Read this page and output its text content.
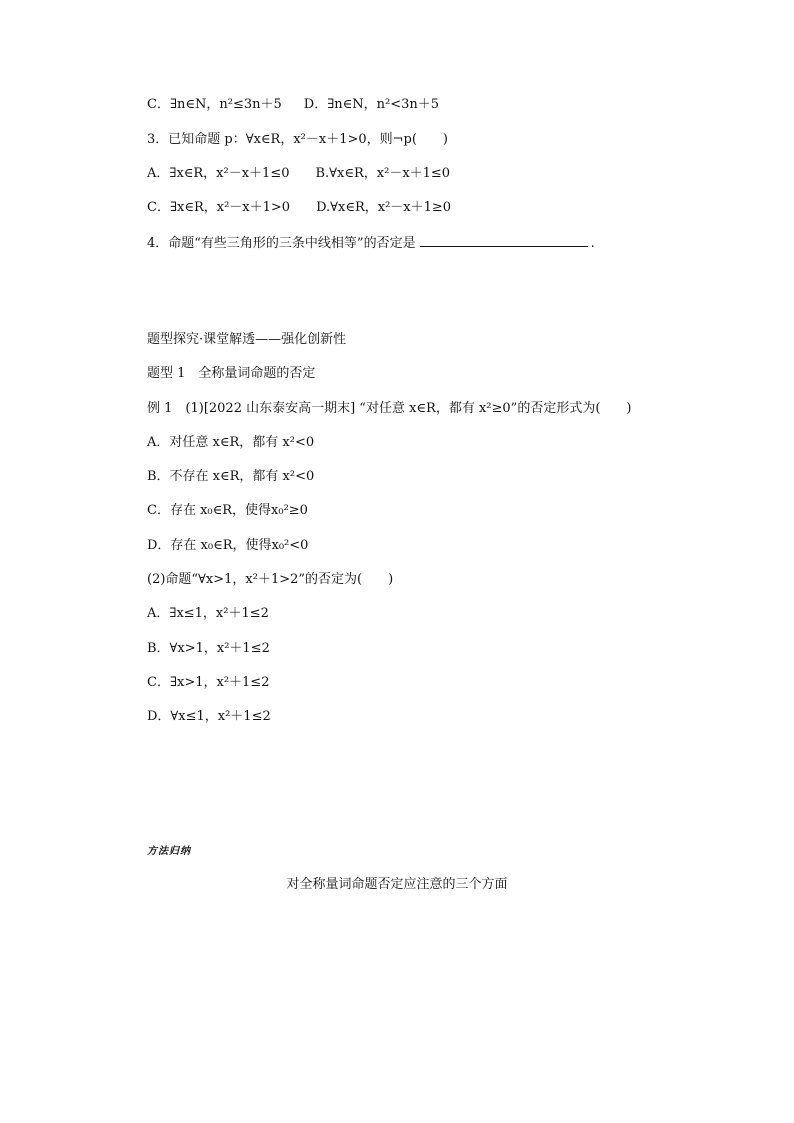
C．∃n∈N，n²≤3n＋5 D．∃n∈N，n²<3n＋5
3．已知命题 p：∀x∈R，x²－x＋1>0，则¬p(　　)
A．∃x∈R，x²－x＋1≤0 B.∀x∈R，x²－x＋1≤0
C．∃x∈R，x²－x＋1>0 D.∀x∈R，x²－x＋1≥0
4．命题“有些三角形的三条中线相等”的否定是	.
题型探究·课堂解透——强化创新性
题型 1　全称量词命题的否定
例 1　(1)[2022 山东泰安高一期末] “对任意 x∈R，都有 x²≥0”的否定形式为(　　)
A．对任意 x∈R，都有 x²<0
B．不存在 x∈R，都有 x²<0
C．存在 x₀∈R，使得x₀²≥0
D．存在 x₀∈R，使得x₀²<0
(2)命题“∀x>1，x²＋1>2”的否定为(　　)
A．∃x≤1，x²＋1≤2
B．∀x>1，x²＋1≤2
C．∃x>1，x²＋1≤2
D．∀x≤1，x²＋1≤2
方法归纳
对全称量词命题否定应注意的三个方面
